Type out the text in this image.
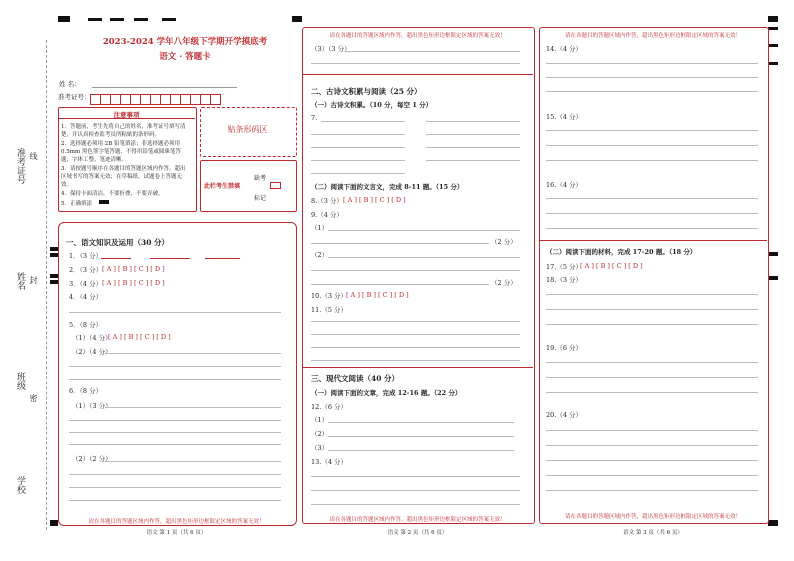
准考证号 线
姓名 封
班级
密
学校
2023-2024 学年八年级下学期开学摸底考
语文 · 答题卡
姓 名：
准考证号：
注意事项
1．答题前，考生先将自己的姓名，准考证号填写清
楚，并认真检查监考员所粘贴的条形码。
2．选择题必须用 2B 铅笔填涂；非选择题必须用
0.5mm 黑色签字笔答题，不得用铅笔或圆珠笔答
题；字体工整、笔迹清晰。
3．请按题号顺序在各题目的答题区域内作答，超出
区域书写的答案无效；在草稿纸、试题卷上答题无
效。
4．保持卡面清洁，不要折叠、不要弄破。
5．正确填涂
贴条形码区
此栏考生禁填
缺考
标记
一、语文知识及运用（30 分）
1．（3 分）
2．（3 分） [ A ] [ B ] [ C ] [ D ]
3．（4 分） [ A ] [ B ] [ C ] [ D ]
4．（4 分）
5．（8 分）
（1）（4 分）
[ A ] [ B ] [ C ] [ D ]
（2）（4 分）
6．（8 分）
（1）（3 分）
（2）（2 分）
请在各题目的答题区域内作答，超出黑色矩形边框限定区域的答案无效！
语文 第 1 页（共 6 页）
请在各题目的答题区域内作答，超出黑色矩形边框限定区域的答案无效！
（3）（3 分）
二、古诗文积累与阅读（25 分）
（一）古诗文积累。（10 分，每空 1 分）
7.
（二）阅读下面的文言文，完成 8-11 题。（15 分）
8.（3 分） [ A ] [ B ] [ C ] [ D ]
9.（4 分）
（1）
（2 分）
（2）
（2 分）
10.（3 分）
[ A ] [ B ] [ C ] [ D ]
11.（5 分）
三、现代文阅读（40 分）
（一）阅读下面的文章，完成 12-16 题。（22 分）
12.（6 分）
（1）
（2）
（3）
13.（4 分）
请在各题目的答题区域内作答，超出黑色矩形边框限定区域的答案无效！
语文 第 2 页（共 6 页）
请在各题目的答题区域内作答，超出黑色矩形边框限定区域的答案无效！
14.（4 分）
15.（4 分）
16.（4 分）
（二）阅读下面的材料，完成 17-20 题。（18 分）
17.（5 分）
[ A ] [ B ] [ C ] [ D ]
18.（3 分）
19.（6 分）
20.（4 分）
请在各题目的答题区域内作答，超出黑色矩形边框限定区域的答案无效！
语文 第 3 页（共 6 页）
